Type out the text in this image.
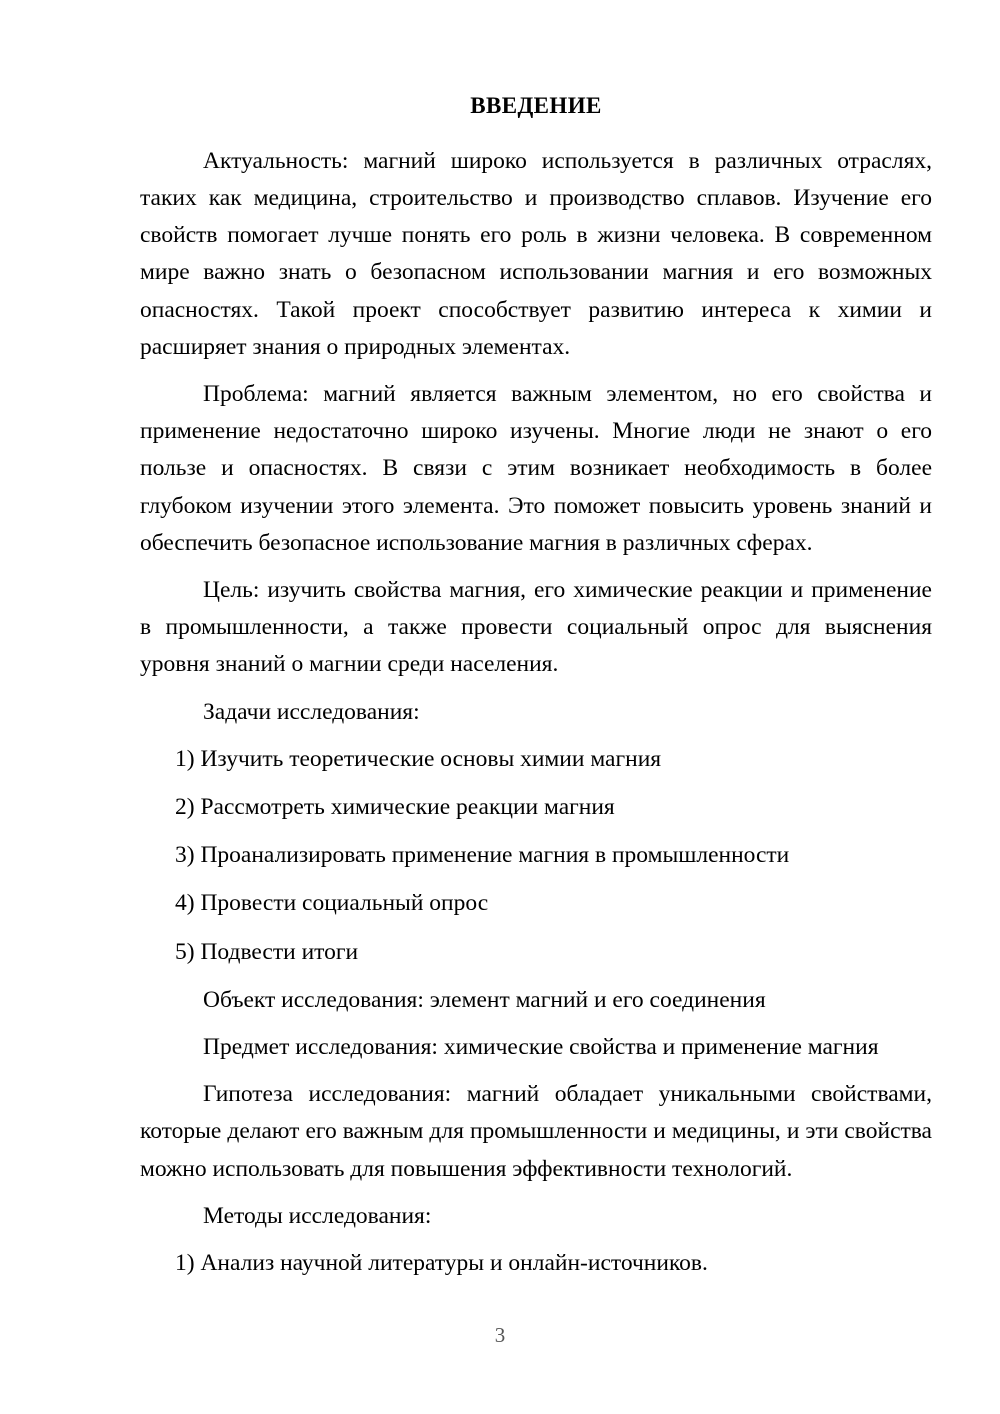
ВВЕДЕНИЕ

Актуальность: магний широко используется в различных отраслях, таких как медицина, строительство и производство сплавов. Изучение его свойств помогает лучше понять его роль в жизни человека. В современном мире важно знать о безопасном использовании магния и его возможных опасностях. Такой проект способствует развитию интереса к химии и расширяет знания о природных элементах.

Проблема: магний является важным элементом, но его свойства и применение недостаточно широко изучены. Многие люди не знают о его пользе и опасностях. В связи с этим возникает необходимость в более глубоком изучении этого элемента. Это поможет повысить уровень знаний и обеспечить безопасное использование магния в различных сферах.

Цель: изучить свойства магния, его химические реакции и применение в промышленности, а также провести социальный опрос для выяснения уровня знаний о магнии среди населения.

Задачи исследования:

1) Изучить теоретические основы химии магния
2) Рассмотреть химические реакции магния
3) Проанализировать применение магния в промышленности
4) Провести социальный опрос
5) Подвести итоги

Объект исследования: элемент магний и его соединения

Предмет исследования: химические свойства и применение магния

Гипотеза исследования: магний обладает уникальными свойствами, которые делают его важным для промышленности и медицины, и эти свойства можно использовать для повышения эффективности технологий.

Методы исследования:

1) Анализ научной литературы и онлайн-источников.
3
